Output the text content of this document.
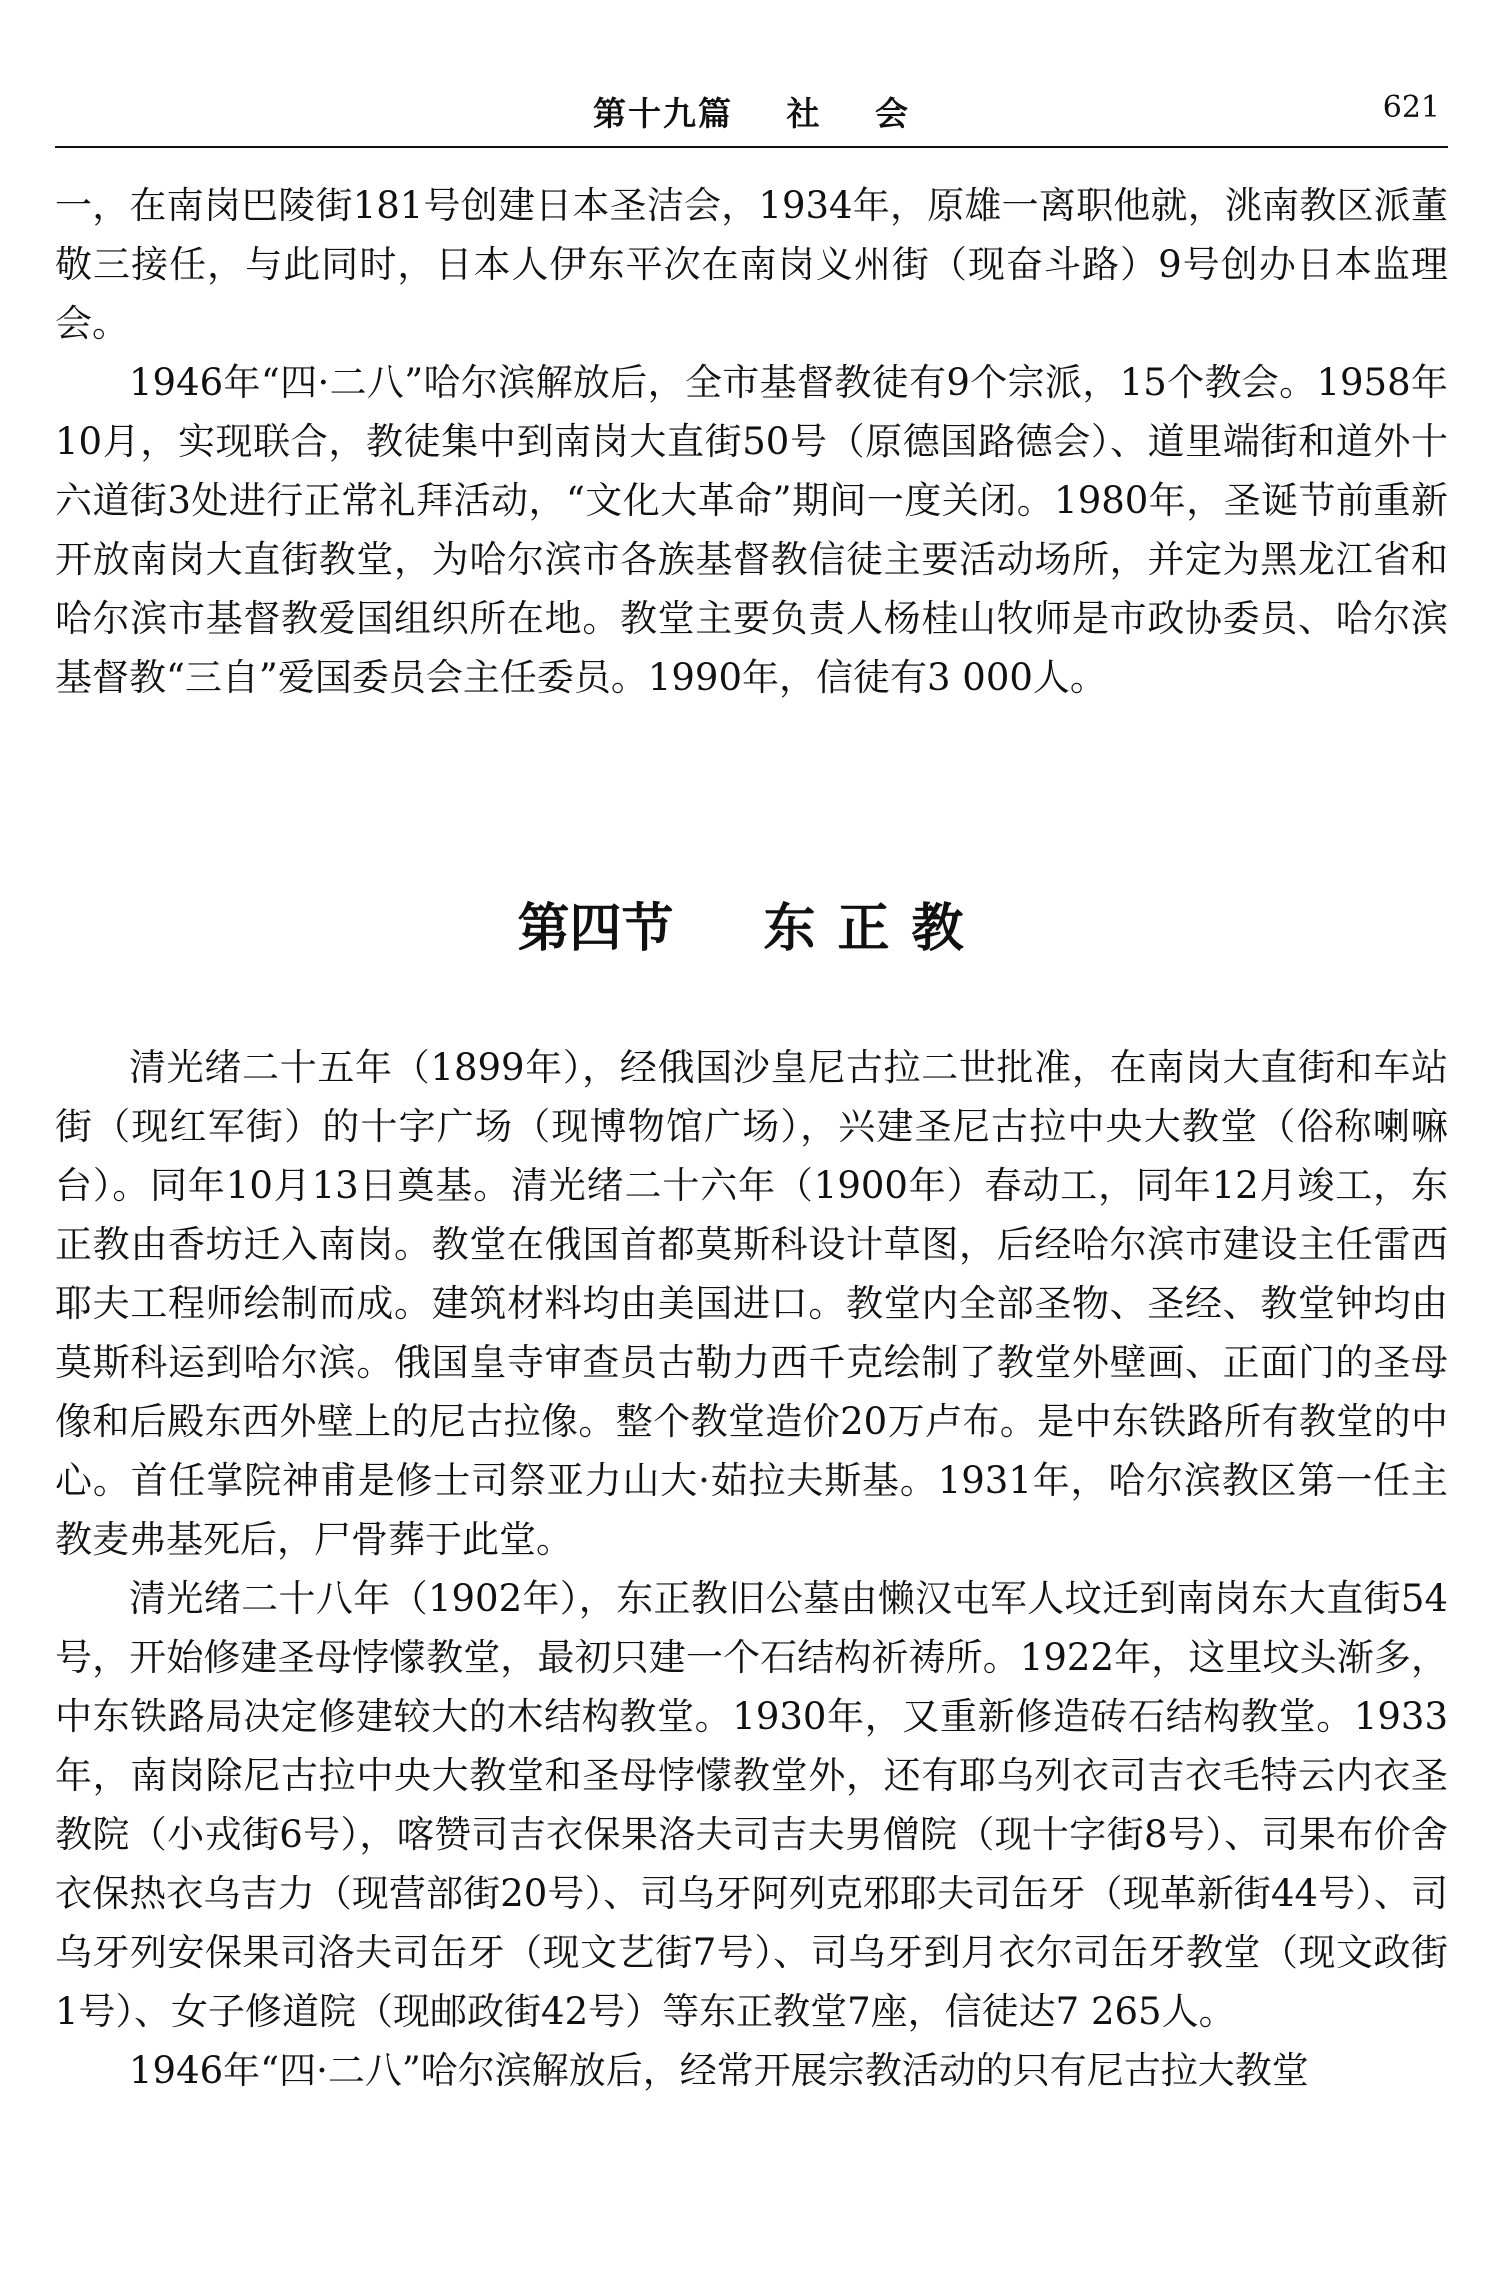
第十九篇 社 会	621

一，在南岗巴陵街181号创建日本圣洁会，1934年，原雄一离职他就，洮南教区派董敬三接任，与此同时，日本人伊东平次在南岗义州街（现奋斗路）9号创办日本监理会。

1946年“四·二八”哈尔滨解放后，全市基督教徒有9个宗派，15个教会。1958年10月，实现联合，教徒集中到南岗大直街50号（原德国路德会）、道里端街和道外十六道街3处进行正常礼拜活动，“文化大革命”期间一度关闭。1980年，圣诞节前重新开放南岗大直街教堂，为哈尔滨市各族基督教信徒主要活动场所，并定为黑龙江省和哈尔滨市基督教爱国组织所在地。教堂主要负责人杨桂山牧师是市政协委员、哈尔滨基督教“三自”爱国委员会主任委员。1990年，信徒有3 000人。

第四节 东正教

清光绪二十五年（1899年），经俄国沙皇尼古拉二世批准，在南岗大直街和车站街（现红军街）的十字广场（现博物馆广场），兴建圣尼古拉中央大教堂（俗称喇嘛台）。同年10月13日奠基。清光绪二十六年（1900年）春动工，同年12月竣工，东正教由香坊迁入南岗。教堂在俄国首都莫斯科设计草图，后经哈尔滨市建设主任雷西耶夫工程师绘制而成。建筑材料均由美国进口。教堂内全部圣物、圣经、教堂钟均由莫斯科运到哈尔滨。俄国皇寺审查员古勒力西千克绘制了教堂外壁画、正面门的圣母像和后殿东西外壁上的尼古拉像。整个教堂造价20万卢布。是中东铁路所有教堂的中心。首任掌院神甫是修士司祭亚力山大·茹拉夫斯基。1931年，哈尔滨教区第一任主教麦弗基死后，尸骨葬于此堂。

清光绪二十八年（1902年），东正教旧公墓由懒汉屯军人坟迁到南岗东大直街54号，开始修建圣母悖懞教堂，最初只建一个石结构祈祷所。1922年，这里坟头渐多，中东铁路局决定修建较大的木结构教堂。1930年，又重新修造砖石结构教堂。1933年，南岗除尼古拉中央大教堂和圣母悖懞教堂外，还有耶乌列衣司吉衣毛特云内衣圣教院（小戎街6号），喀赞司吉衣保果洛夫司吉夫男僧院（现十字街8号）、司果布价舍衣保热衣乌吉力（现营部街20号）、司乌牙阿列克邪耶夫司缶牙（现革新街44号）、司乌牙列安保果司洛夫司缶牙（现文艺街7号）、司乌牙到月衣尔司缶牙教堂（现文政街1号）、女子修道院（现邮政街42号）等东正教堂7座，信徒达7 265人。

1946年“四·二八”哈尔滨解放后，经常开展宗教活动的只有尼古拉大教堂
